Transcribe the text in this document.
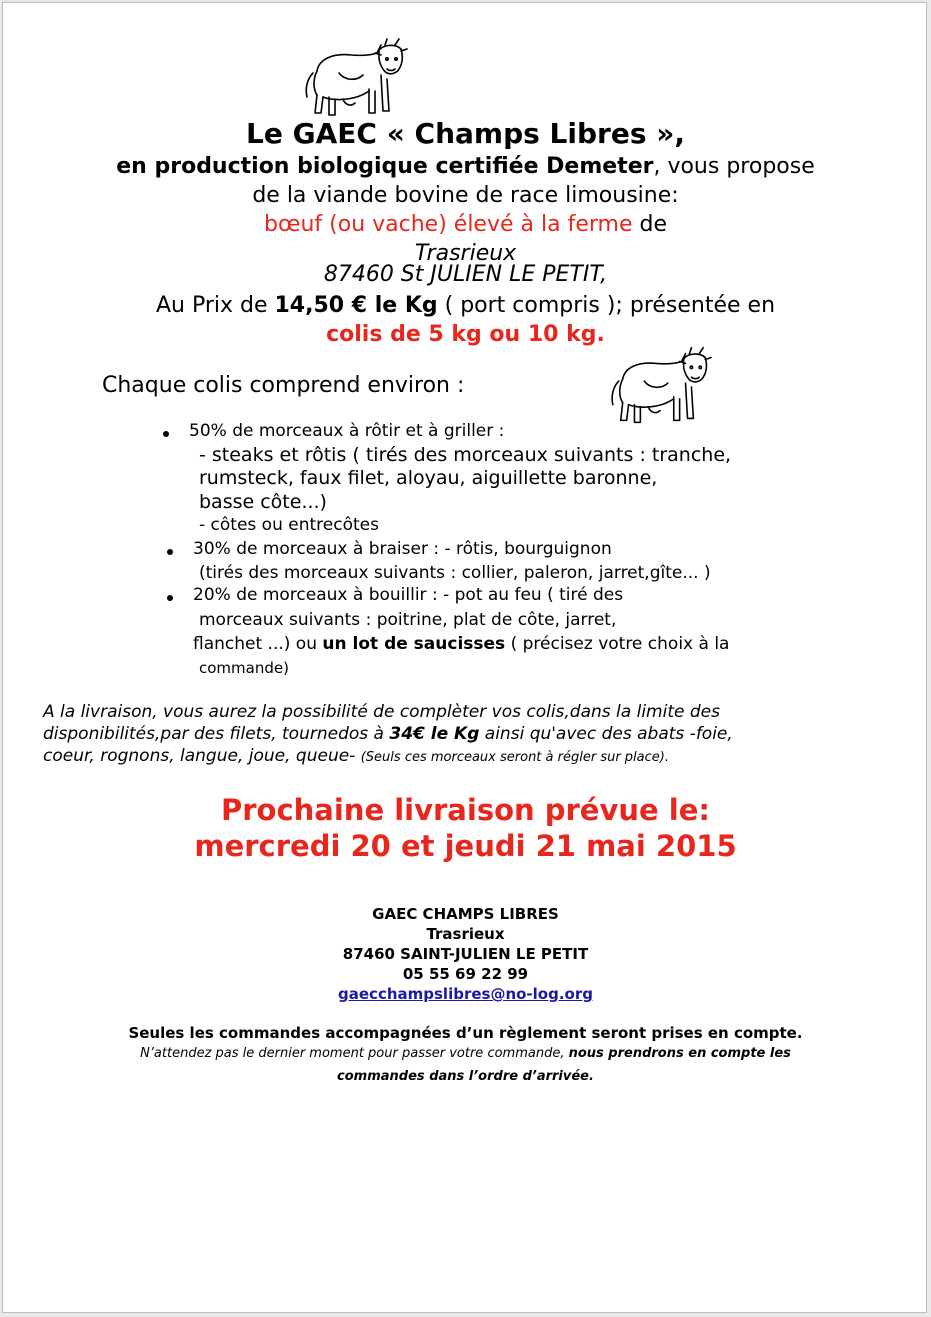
Le GAEC « Champs Libres »,
en production biologique certifiée Demeter, vous propose
de la viande bovine de race limousine:
bœuf (ou vache) élevé à la ferme de
Trasrieux
87460 St JULIEN LE PETIT,
Au Prix de 14,50 € le Kg ( port compris ); présentée en
colis de 5 kg ou 10 kg.
Chaque colis comprend environ :
50% de morceaux à rôtir et à griller :
- steaks et rôtis ( tirés des morceaux suivants : tranche,
rumsteck, faux filet, aloyau, aiguillette baronne,
basse côte...)
- côtes ou entrecôtes
30% de morceaux à braiser : - rôtis, bourguignon
(tirés des morceaux suivants : collier, paleron, jarret,gîte... )
20% de morceaux à bouillir : - pot au feu ( tiré des
morceaux suivants : poitrine, plat de côte, jarret,
flanchet ...) ou un lot de saucisses ( précisez votre choix à la
commande)
A la livraison, vous aurez la possibilité de complèter vos colis,dans la limite des
disponibilités,par des filets, tournedos à 34€ le Kg ainsi qu'avec des abats -foie,
coeur, rognons, langue, joue, queue- (Seuls ces morceaux seront à régler sur place).
Prochaine livraison prévue le:
mercredi 20 et jeudi 21 mai 2015
GAEC CHAMPS LIBRES
Trasrieux
87460 SAINT-JULIEN LE PETIT
05 55 69 22 99
gaecchampslibres@no-log.org
Seules les commandes accompagnées d’un règlement seront prises en compte.
N’attendez pas le dernier moment pour passer votre commande, nous prendrons en compte les
commandes dans l’ordre d’arrivée.
